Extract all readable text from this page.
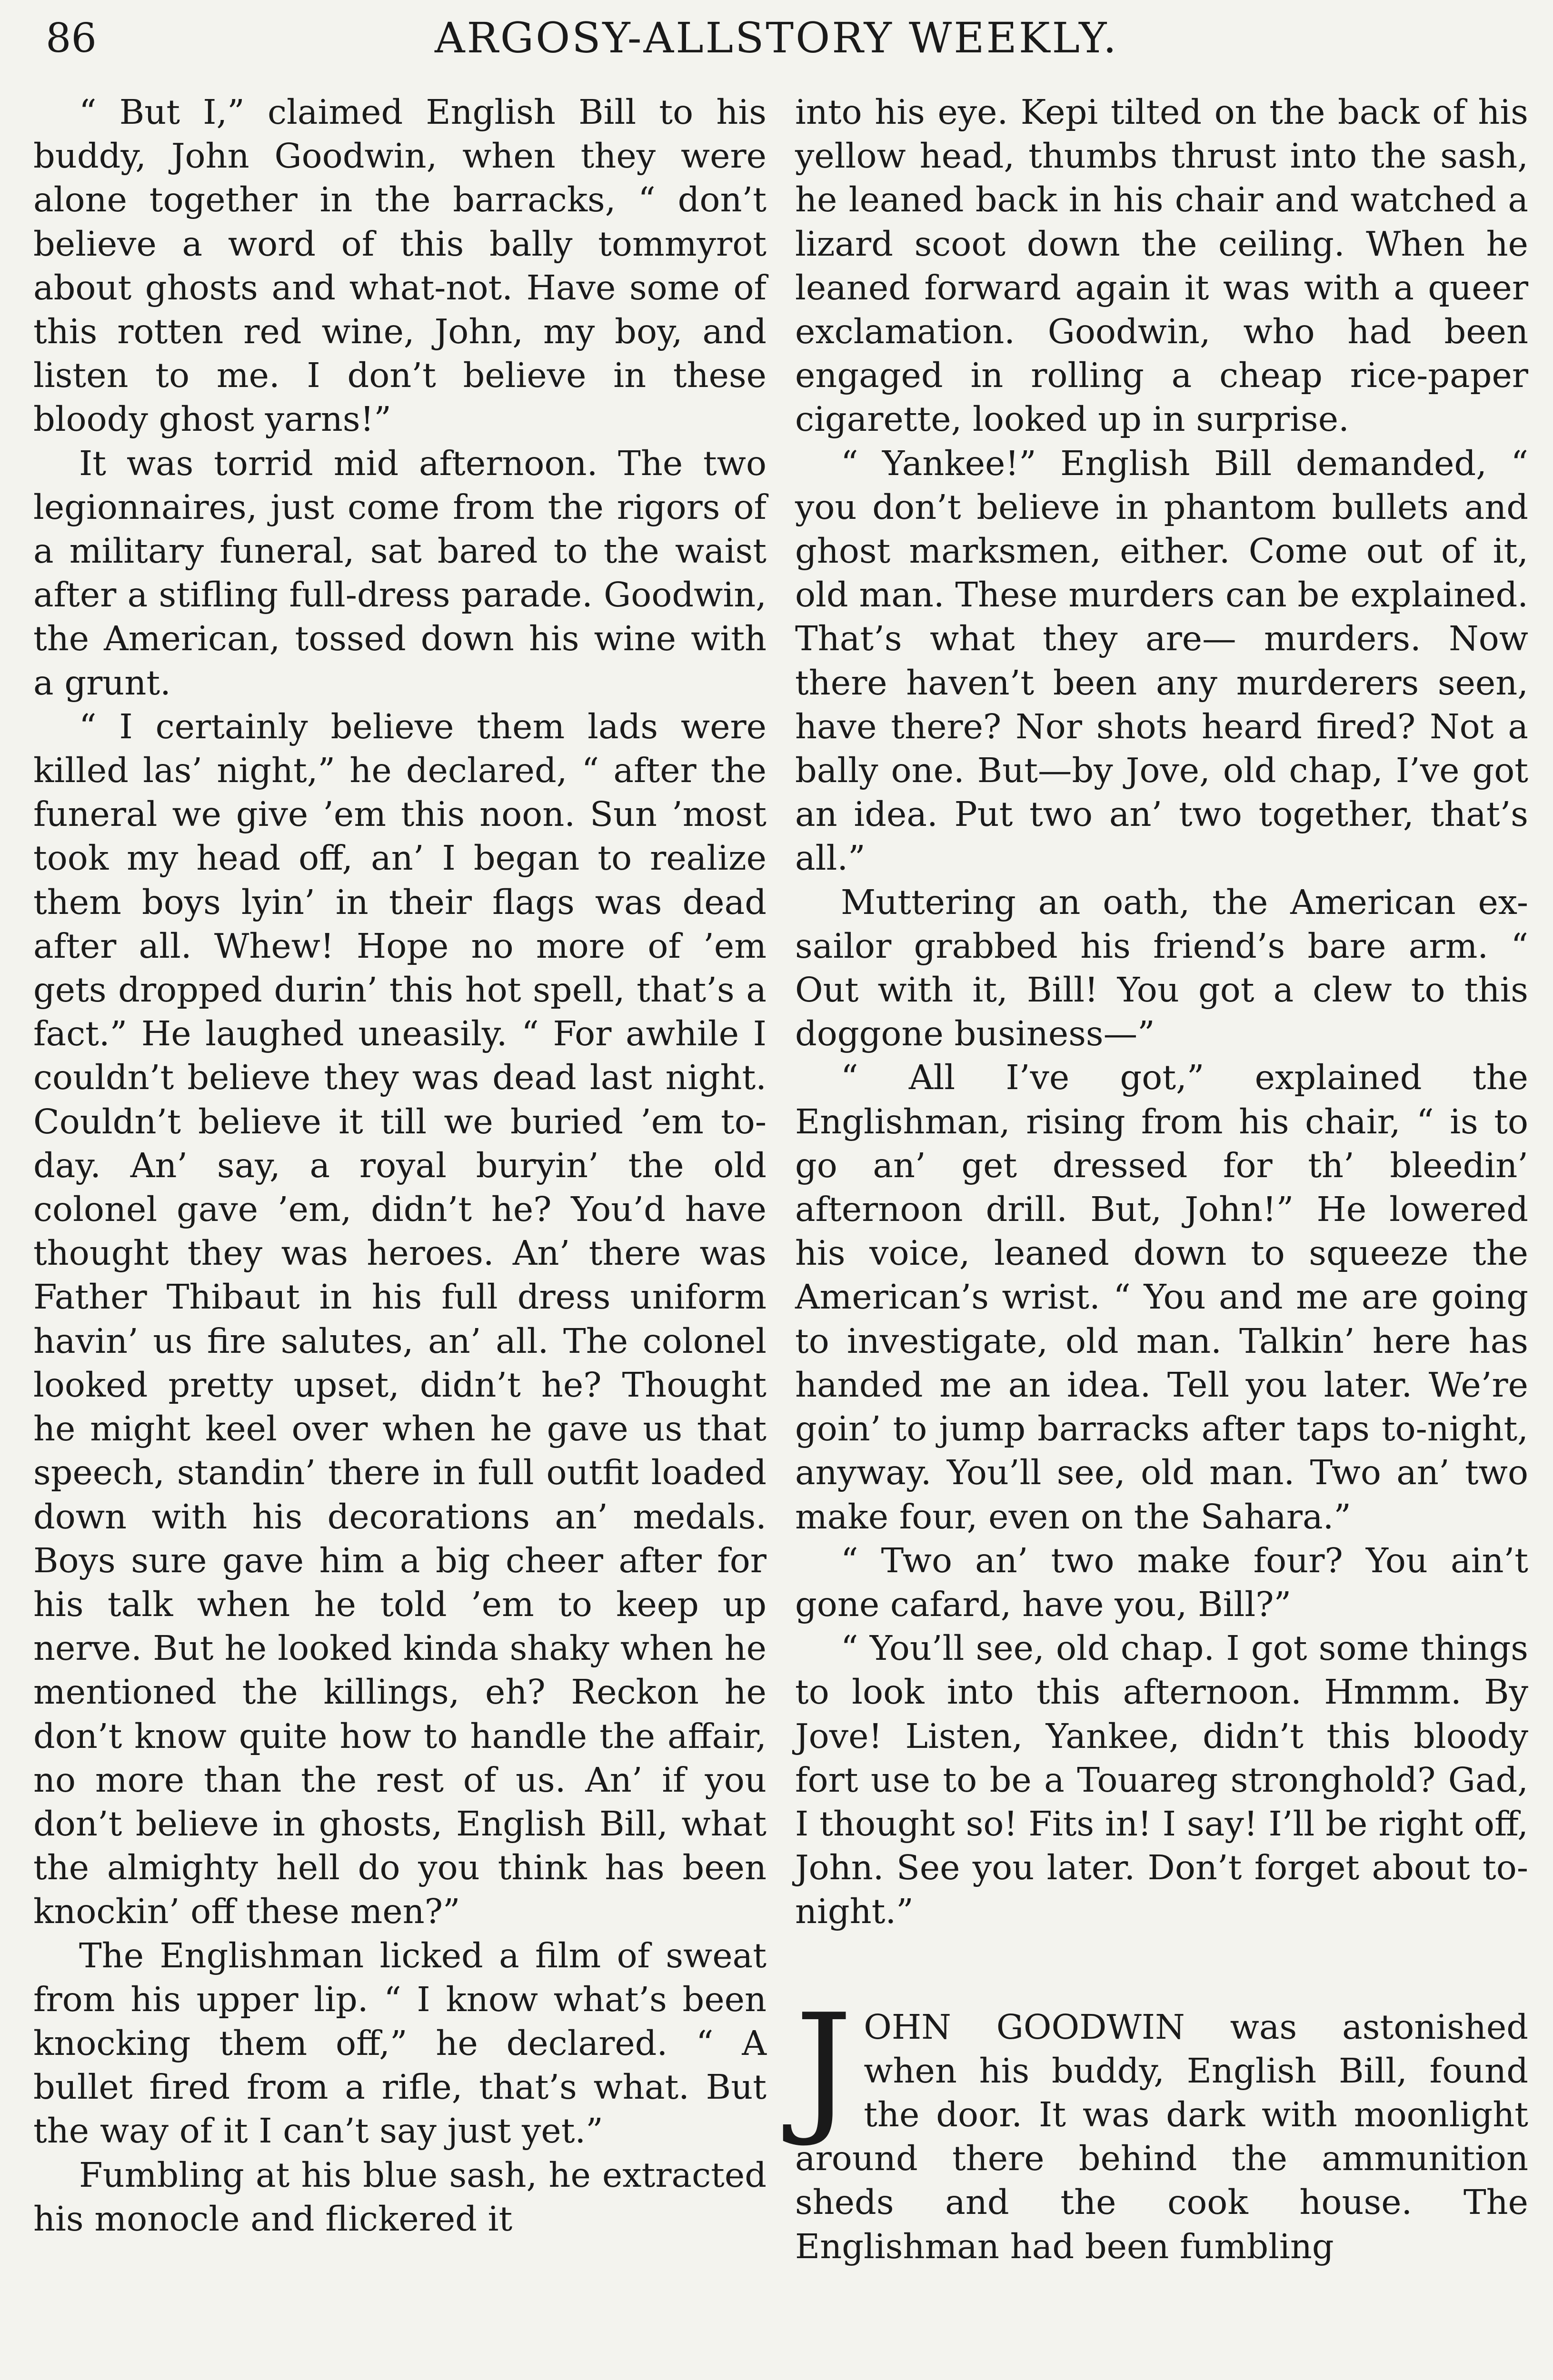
86	ARGOSY-ALLSTORY WEEKLY.

“ But I,” claimed English Bill to his buddy, John Goodwin, when they were alone together in the barracks, “ don’t believe a word of this bally tommyrot about ghosts and what-not. Have some of this rotten red wine, John, my boy, and listen to me. I don’t believe in these bloody ghost yarns!”

It was torrid mid afternoon. The two legionnaires, just come from the rigors of a military funeral, sat bared to the waist after a stifling full-dress parade. Goodwin, the American, tossed down his wine with a grunt.

“ I certainly believe them lads were killed las’ night,” he declared, “ after the funeral we give ’em this noon. Sun ’most took my head off, an’ I began to realize them boys lyin’ in their flags was dead after all. Whew! Hope no more of ’em gets dropped durin’ this hot spell, that’s a fact.” He laughed uneasily. “ For awhile I couldn’t believe they was dead last night. Couldn’t believe it till we buried ’em to-day. An’ say, a royal buryin’ the old colonel gave ’em, didn’t he? You’d have thought they was heroes. An’ there was Father Thibaut in his full dress uniform havin’ us fire salutes, an’ all. The colonel looked pretty upset, didn’t he? Thought he might keel over when he gave us that speech, standin’ there in full outfit loaded down with his decorations an’ medals. Boys sure gave him a big cheer after for his talk when he told ’em to keep up nerve. But he looked kinda shaky when he mentioned the killings, eh? Reckon he don’t know quite how to handle the affair, no more than the rest of us. An’ if you don’t believe in ghosts, English Bill, what the almighty hell do you think has been knockin’ off these men?”

The Englishman licked a film of sweat from his upper lip. “ I know what’s been knocking them off,” he declared. “ A bullet fired from a rifle, that’s what. But the way of it I can’t say just yet.”

Fumbling at his blue sash, he extracted his monocle and flickered it

into his eye. Kepi tilted on the back of his yellow head, thumbs thrust into the sash, he leaned back in his chair and watched a lizard scoot down the ceiling. When he leaned forward again it was with a queer exclamation. Goodwin, who had been engaged in rolling a cheap rice-paper cigarette, looked up in surprise.

“ Yankee!” English Bill demanded, “ you don’t believe in phantom bullets and ghost marksmen, either. Come out of it, old man. These murders can be explained. That’s what they are— murders. Now there haven’t been any murderers seen, have there? Nor shots heard fired? Not a bally one. But—by Jove, old chap, I’ve got an idea. Put two an’ two together, that’s all.”

Muttering an oath, the American ex-sailor grabbed his friend’s bare arm. “ Out with it, Bill! You got a clew to this doggone business—”

“ All I’ve got,” explained the Englishman, rising from his chair, “ is to go an’ get dressed for th’ bleedin’ afternoon drill. But, John!” He lowered his voice, leaned down to squeeze the American’s wrist. “ You and me are going to investigate, old man. Talkin’ here has handed me an idea. Tell you later. We’re goin’ to jump barracks after taps to-night, anyway. You’ll see, old man. Two an’ two make four, even on the Sahara.”

“ Two an’ two make four? You ain’t gone cafard, have you, Bill?”

“ You’ll see, old chap. I got some things to look into this afternoon. Hmmm. By Jove! Listen, Yankee, didn’t this bloody fort use to be a Touareg stronghold? Gad, I thought so! Fits in! I say! I’ll be right off, John. See you later. Don’t forget about to-night.”

JOHN GOODWIN was astonished when his buddy, English Bill, found the door. It was dark with moonlight around there behind the ammunition sheds and the cook house. The Englishman had been fumbling
